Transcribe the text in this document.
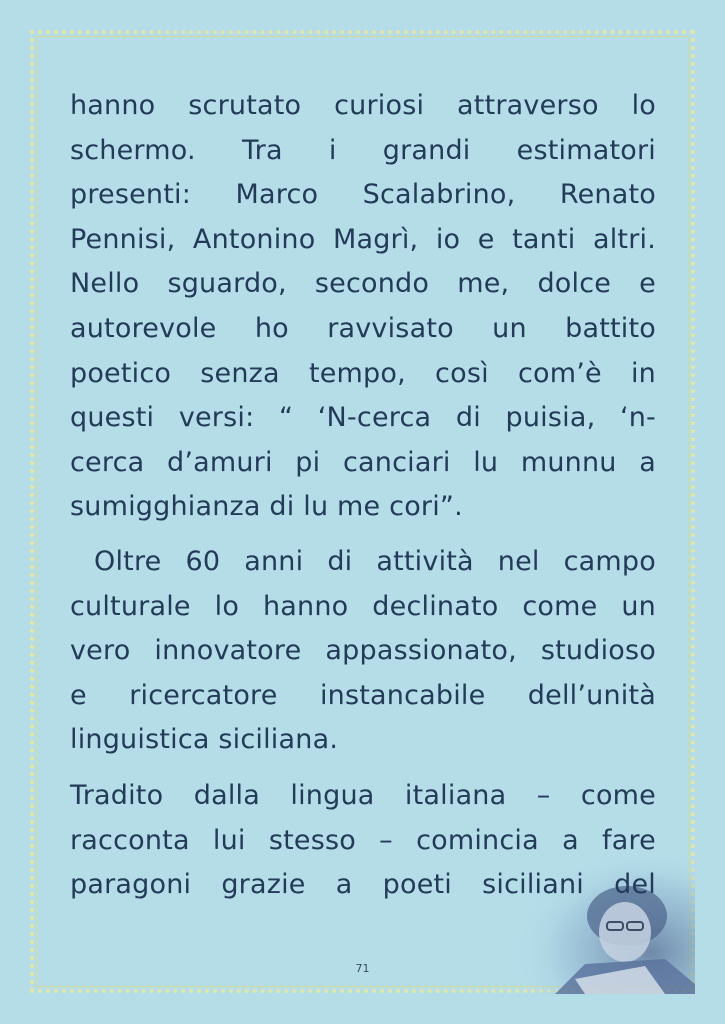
hanno scrutato curiosi attraverso lo
schermo. Tra i grandi estimatori
presenti: Marco Scalabrino, Renato
Pennisi, Antonino Magrì, io e tanti altri.
Nello sguardo, secondo me, dolce e
autorevole ho ravvisato un battito
poetico senza tempo, così com’è in
questi versi: “ ‘N-cerca di puisia, ‘n-
cerca d’amuri pi canciari lu munnu a
sumigghianza di lu me cori”.

Oltre 60 anni di attività nel campo
culturale lo hanno declinato come un
vero innovatore appassionato, studioso
e ricercatore instancabile dell’unità
linguistica siciliana.

Tradito dalla lingua italiana – come
racconta lui stesso – comincia a fare
paragoni grazie a poeti siciliani del

71
